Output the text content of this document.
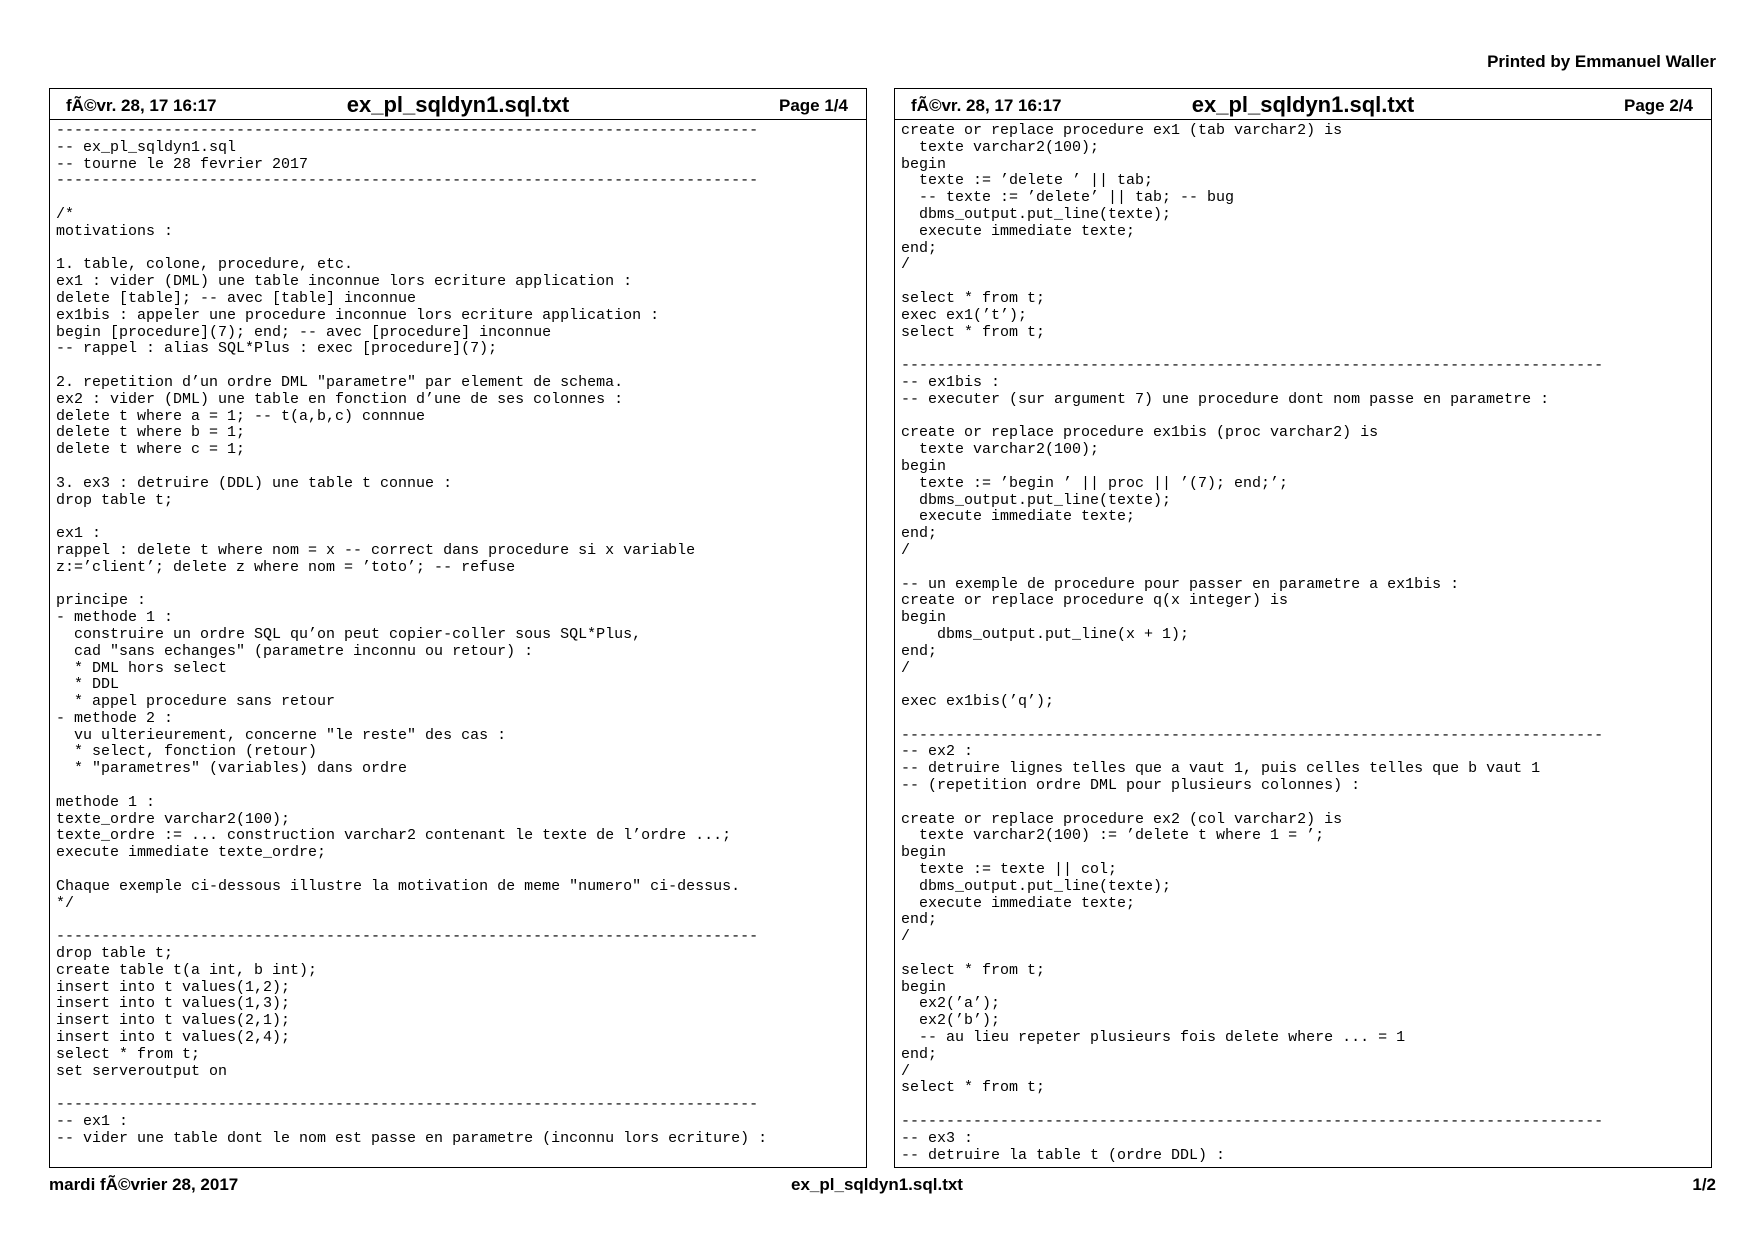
Printed by Emmanuel Waller
fÃ©vr. 28, 17 16:17	ex_pl_sqldyn1.sql.txt	Page 1/4
------------------------------------------------------------------------------
-- ex_pl_sqldyn1.sql
-- tourne le 28 fevrier 2017
------------------------------------------------------------------------------

/*
motivations :

1. table, colone, procedure, etc.
ex1 : vider (DML) une table inconnue lors ecriture application :
delete [table]; -- avec [table] inconnue
ex1bis : appeler une procedure inconnue lors ecriture application :
begin [procedure](7); end; -- avec [procedure] inconnue
-- rappel : alias SQL*Plus : exec [procedure](7);

2. repetition d’un ordre DML "parametre" par element de schema.
ex2 : vider (DML) une table en fonction d’une de ses colonnes :
delete t where a = 1; -- t(a,b,c) connnue
delete t where b = 1;
delete t where c = 1;

3. ex3 : detruire (DDL) une table t connue :
drop table t;

ex1 :
rappel : delete t where nom = x -- correct dans procedure si x variable
z:=’client’; delete z where nom = ’toto’; -- refuse

principe :
- methode 1 :
construire un ordre SQL qu’on peut copier-coller sous SQL*Plus,
cad "sans echanges" (parametre inconnu ou retour) :
* DML hors select
* DDL
* appel procedure sans retour
- methode 2 :
vu ulterieurement, concerne "le reste" des cas :
* select, fonction (retour)
* "parametres" (variables) dans ordre

methode 1 :
texte_ordre varchar2(100);
texte_ordre := ... construction varchar2 contenant le texte de l’ordre ...;
execute immediate texte_ordre;

Chaque exemple ci-dessous illustre la motivation de meme "numero" ci-dessus.
*/

------------------------------------------------------------------------------
drop table t;
create table t(a int, b int);
insert into t values(1,2);
insert into t values(1,3);
insert into t values(2,1);
insert into t values(2,4);
select * from t;
set serveroutput on

------------------------------------------------------------------------------
-- ex1 :
-- vider une table dont le nom est passe en parametre (inconnu lors ecriture) :
fÃ©vr. 28, 17 16:17	ex_pl_sqldyn1.sql.txt	Page 2/4
create or replace procedure ex1 (tab varchar2) is
texte varchar2(100);
begin
texte := ’delete ’ || tab;
-- texte := ’delete’ || tab; -- bug
dbms_output.put_line(texte);
execute immediate texte;
end;
/

select * from t;
exec ex1(’t’);
select * from t;

------------------------------------------------------------------------------
-- ex1bis :
-- executer (sur argument 7) une procedure dont nom passe en parametre :

create or replace procedure ex1bis (proc varchar2) is
texte varchar2(100);
begin
texte := ’begin ’ || proc || ’(7); end;’;
dbms_output.put_line(texte);
execute immediate texte;
end;
/

-- un exemple de procedure pour passer en parametre a ex1bis :
create or replace procedure q(x integer) is
begin
dbms_output.put_line(x + 1);
end;
/

exec ex1bis(’q’);

------------------------------------------------------------------------------
-- ex2 :
-- detruire lignes telles que a vaut 1, puis celles telles que b vaut 1
-- (repetition ordre DML pour plusieurs colonnes) :

create or replace procedure ex2 (col varchar2) is
texte varchar2(100) := ’delete t where 1 = ’;
begin
texte := texte || col;
dbms_output.put_line(texte);
execute immediate texte;
end;
/

select * from t;
begin
ex2(’a’);
ex2(’b’);
-- au lieu repeter plusieurs fois delete where ... = 1
end;
/
select * from t;

------------------------------------------------------------------------------
-- ex3 :
-- detruire la table t (ordre DDL) :
mardi fÃ©vrier 28, 2017	ex_pl_sqldyn1.sql.txt	1/2
